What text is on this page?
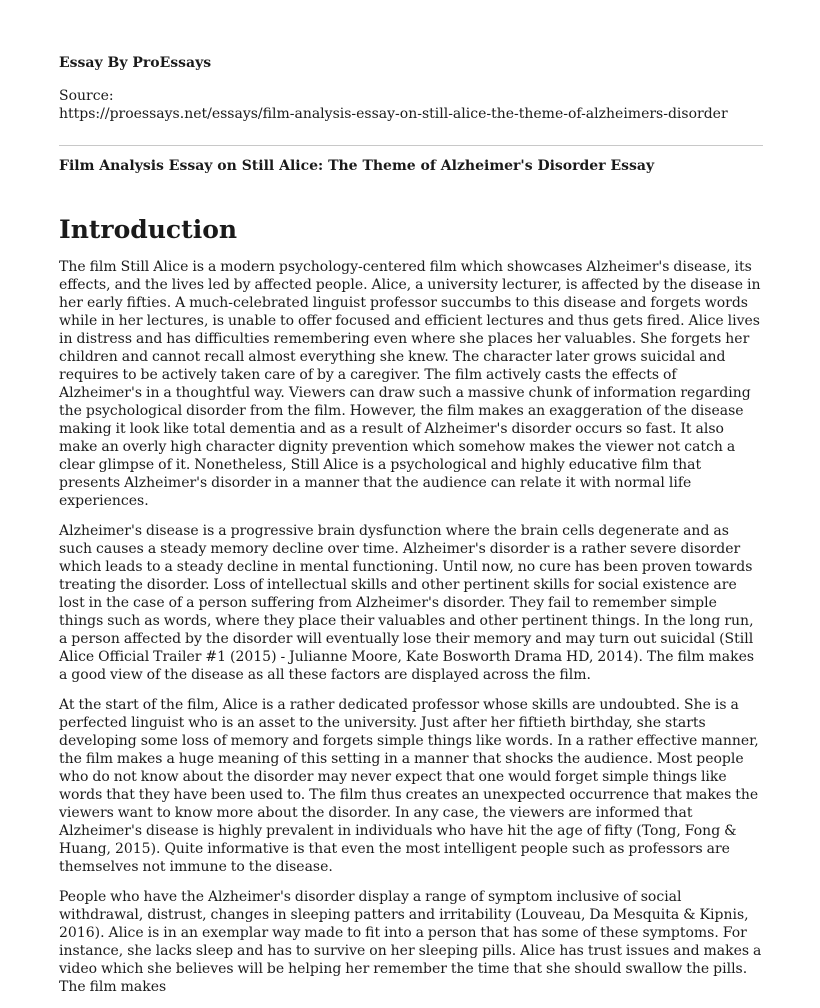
Essay By ProEssays
Source:
https://proessays.net/essays/film-analysis-essay-on-still-alice-the-theme-of-alzheimers-disorder
Film Analysis Essay on Still Alice: The Theme of Alzheimer's Disorder Essay
Introduction

The film Still Alice is a modern psychology-centered film which showcases Alzheimer's disease, its effects, and the lives led by affected people. Alice, a university lecturer, is affected by the disease in her early fifties. A much-celebrated linguist professor succumbs to this disease and forgets words while in her lectures, is unable to offer focused and efficient lectures and thus gets fired. Alice lives in distress and has difficulties remembering even where she places her valuables. She forgets her children and cannot recall almost everything she knew. The character later grows suicidal and requires to be actively taken care of by a caregiver. The film actively casts the effects of Alzheimer's in a thoughtful way. Viewers can draw such a massive chunk of information regarding the psychological disorder from the film. However, the film makes an exaggeration of the disease making it look like total dementia and as a result of Alzheimer's disorder occurs so fast. It also make an overly high character dignity prevention which somehow makes the viewer not catch a clear glimpse of it. Nonetheless, Still Alice is a psychological and highly educative film that presents Alzheimer's disorder in a manner that the audience can relate it with normal life experiences.

Alzheimer's disease is a progressive brain dysfunction where the brain cells degenerate and as such causes a steady memory decline over time. Alzheimer's disorder is a rather severe disorder which leads to a steady decline in mental functioning. Until now, no cure has been proven towards treating the disorder. Loss of intellectual skills and other pertinent skills for social existence are lost in the case of a person suffering from Alzheimer's disorder. They fail to remember simple things such as words, where they place their valuables and other pertinent things. In the long run, a person affected by the disorder will eventually lose their memory and may turn out suicidal (Still Alice Official Trailer #1 (2015) - Julianne Moore, Kate Bosworth Drama HD, 2014). The film makes a good view of the disease as all these factors are displayed across the film.

At the start of the film, Alice is a rather dedicated professor whose skills are undoubted. She is a perfected linguist who is an asset to the university. Just after her fiftieth birthday, she starts developing some loss of memory and forgets simple things like words. In a rather effective manner, the film makes a huge meaning of this setting in a manner that shocks the audience. Most people who do not know about the disorder may never expect that one would forget simple things like words that they have been used to. The film thus creates an unexpected occurrence that makes the viewers want to know more about the disorder. In any case, the viewers are informed that Alzheimer's disease is highly prevalent in individuals who have hit the age of fifty (Tong, Fong & Huang, 2015). Quite informative is that even the most intelligent people such as professors are themselves not immune to the disease.

People who have the Alzheimer's disorder display a range of symptom inclusive of social withdrawal, distrust, changes in sleeping patters and irritability (Louveau, Da Mesquita & Kipnis, 2016). Alice is in an exemplar way made to fit into a person that has some of these symptoms. For instance, she lacks sleep and has to survive on her sleeping pills. Alice has trust issues and makes a video which she believes will be helping her remember the time that she should swallow the pills. The film makes
